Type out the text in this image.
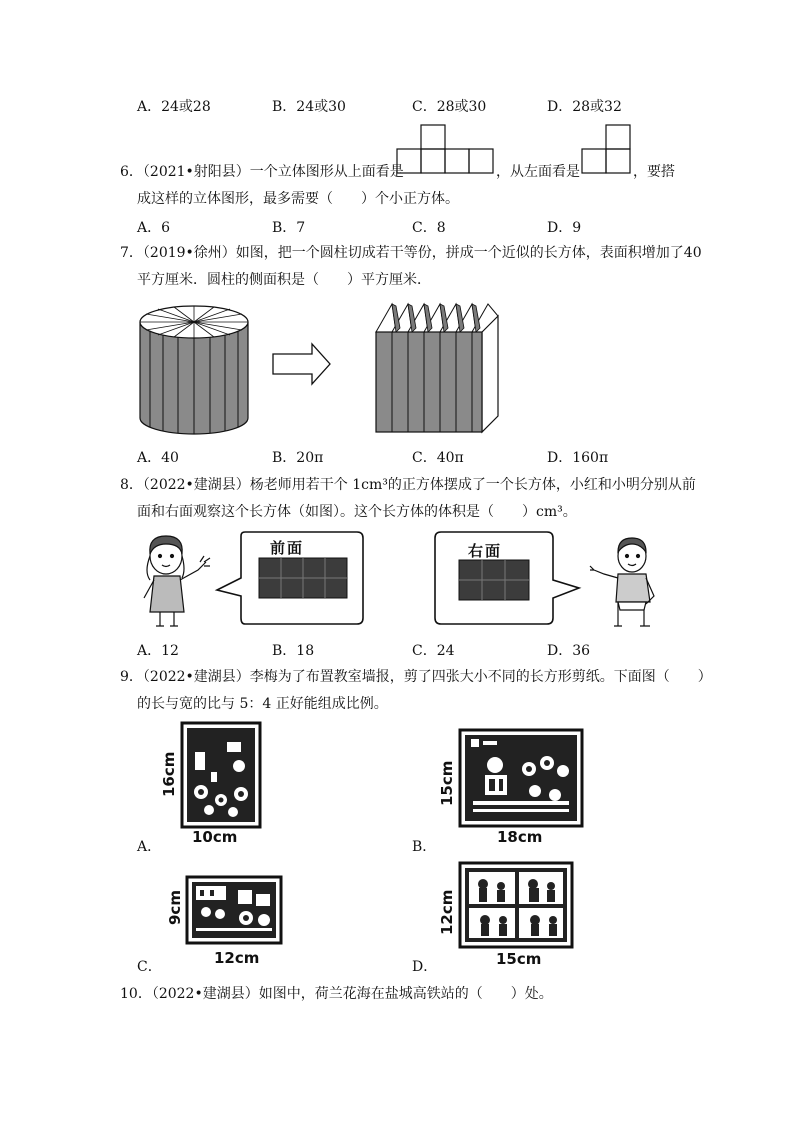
A．24或28	B．24或30	C．28或30	D．28或32
6．（2021•射阳县）一个立体图形从上面看是	，从左面看是	，要搭
成这样的立体图形，最多需要（　　）个小正方体。
A．6	B．7	C．8	D．9
7．（2019•徐州）如图，把一个圆柱切成若干等份，拼成一个近似的长方体，表面积增加了40
平方厘米．圆柱的侧面积是（　　）平方厘米．
A．40	B．20π	C．40π	D．160π
8．（2022•建湖县）杨老师用若干个 1cm³的正方体摆成了一个长方体，小红和小明分别从前
面和右面观察这个长方体（如图）。这个长方体的体积是（　　）cm³。
前面	右面
A．12	B．18	C．24	D．36
9．（2022•建湖县）李梅为了布置教室墙报，剪了四张大小不同的长方形剪纸。下面图（　　）
的长与宽的比与 5：4 正好能组成比例。
16cm
10cm
A．
15cm
18cm
B．
9cm
12cm
C．
12cm
15cm
D．
10．（2022•建湖县）如图中，荷兰花海在盐城高铁站的（　　）处。
